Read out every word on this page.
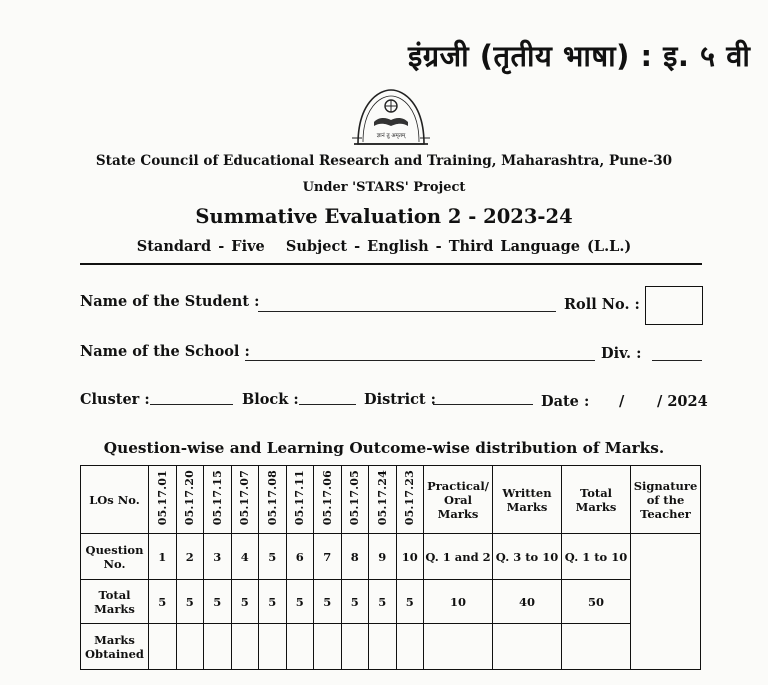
इंग्रजी (तृतीय भाषा) : इ. ५ वी
ज्ञानं तु अमृतम्
State Council of Educational Research and Training, Maharashtra, Pune-30
Under 'STARS' Project
Summative Evaluation 2 - 2023-24
Standard - Five   Subject - English - Third Language (L.L.)
Name of the Student :	Roll No. :
Name of the School :	Div. :
Cluster :	Block :	District :	Date : / / 2024
Question-wise and Learning Outcome-wise distribution of Marks.
LOs No.	05.17.01	05.17.20	05.17.15	05.17.07	05.17.08	05.17.11	05.17.06	05.17.05	05.17.24	05.17.23	Practical/ Oral Marks	Written Marks	Total Marks	Signature of the Teacher
Question No.	1	2	3	4	5	6	7	8	9	10	Q. 1 and 2	Q. 3 to 10	Q. 1 to 10	
Total Marks	5	5	5	5	5	5	5	5	5	5	10	40	50	
Marks Obtained														
